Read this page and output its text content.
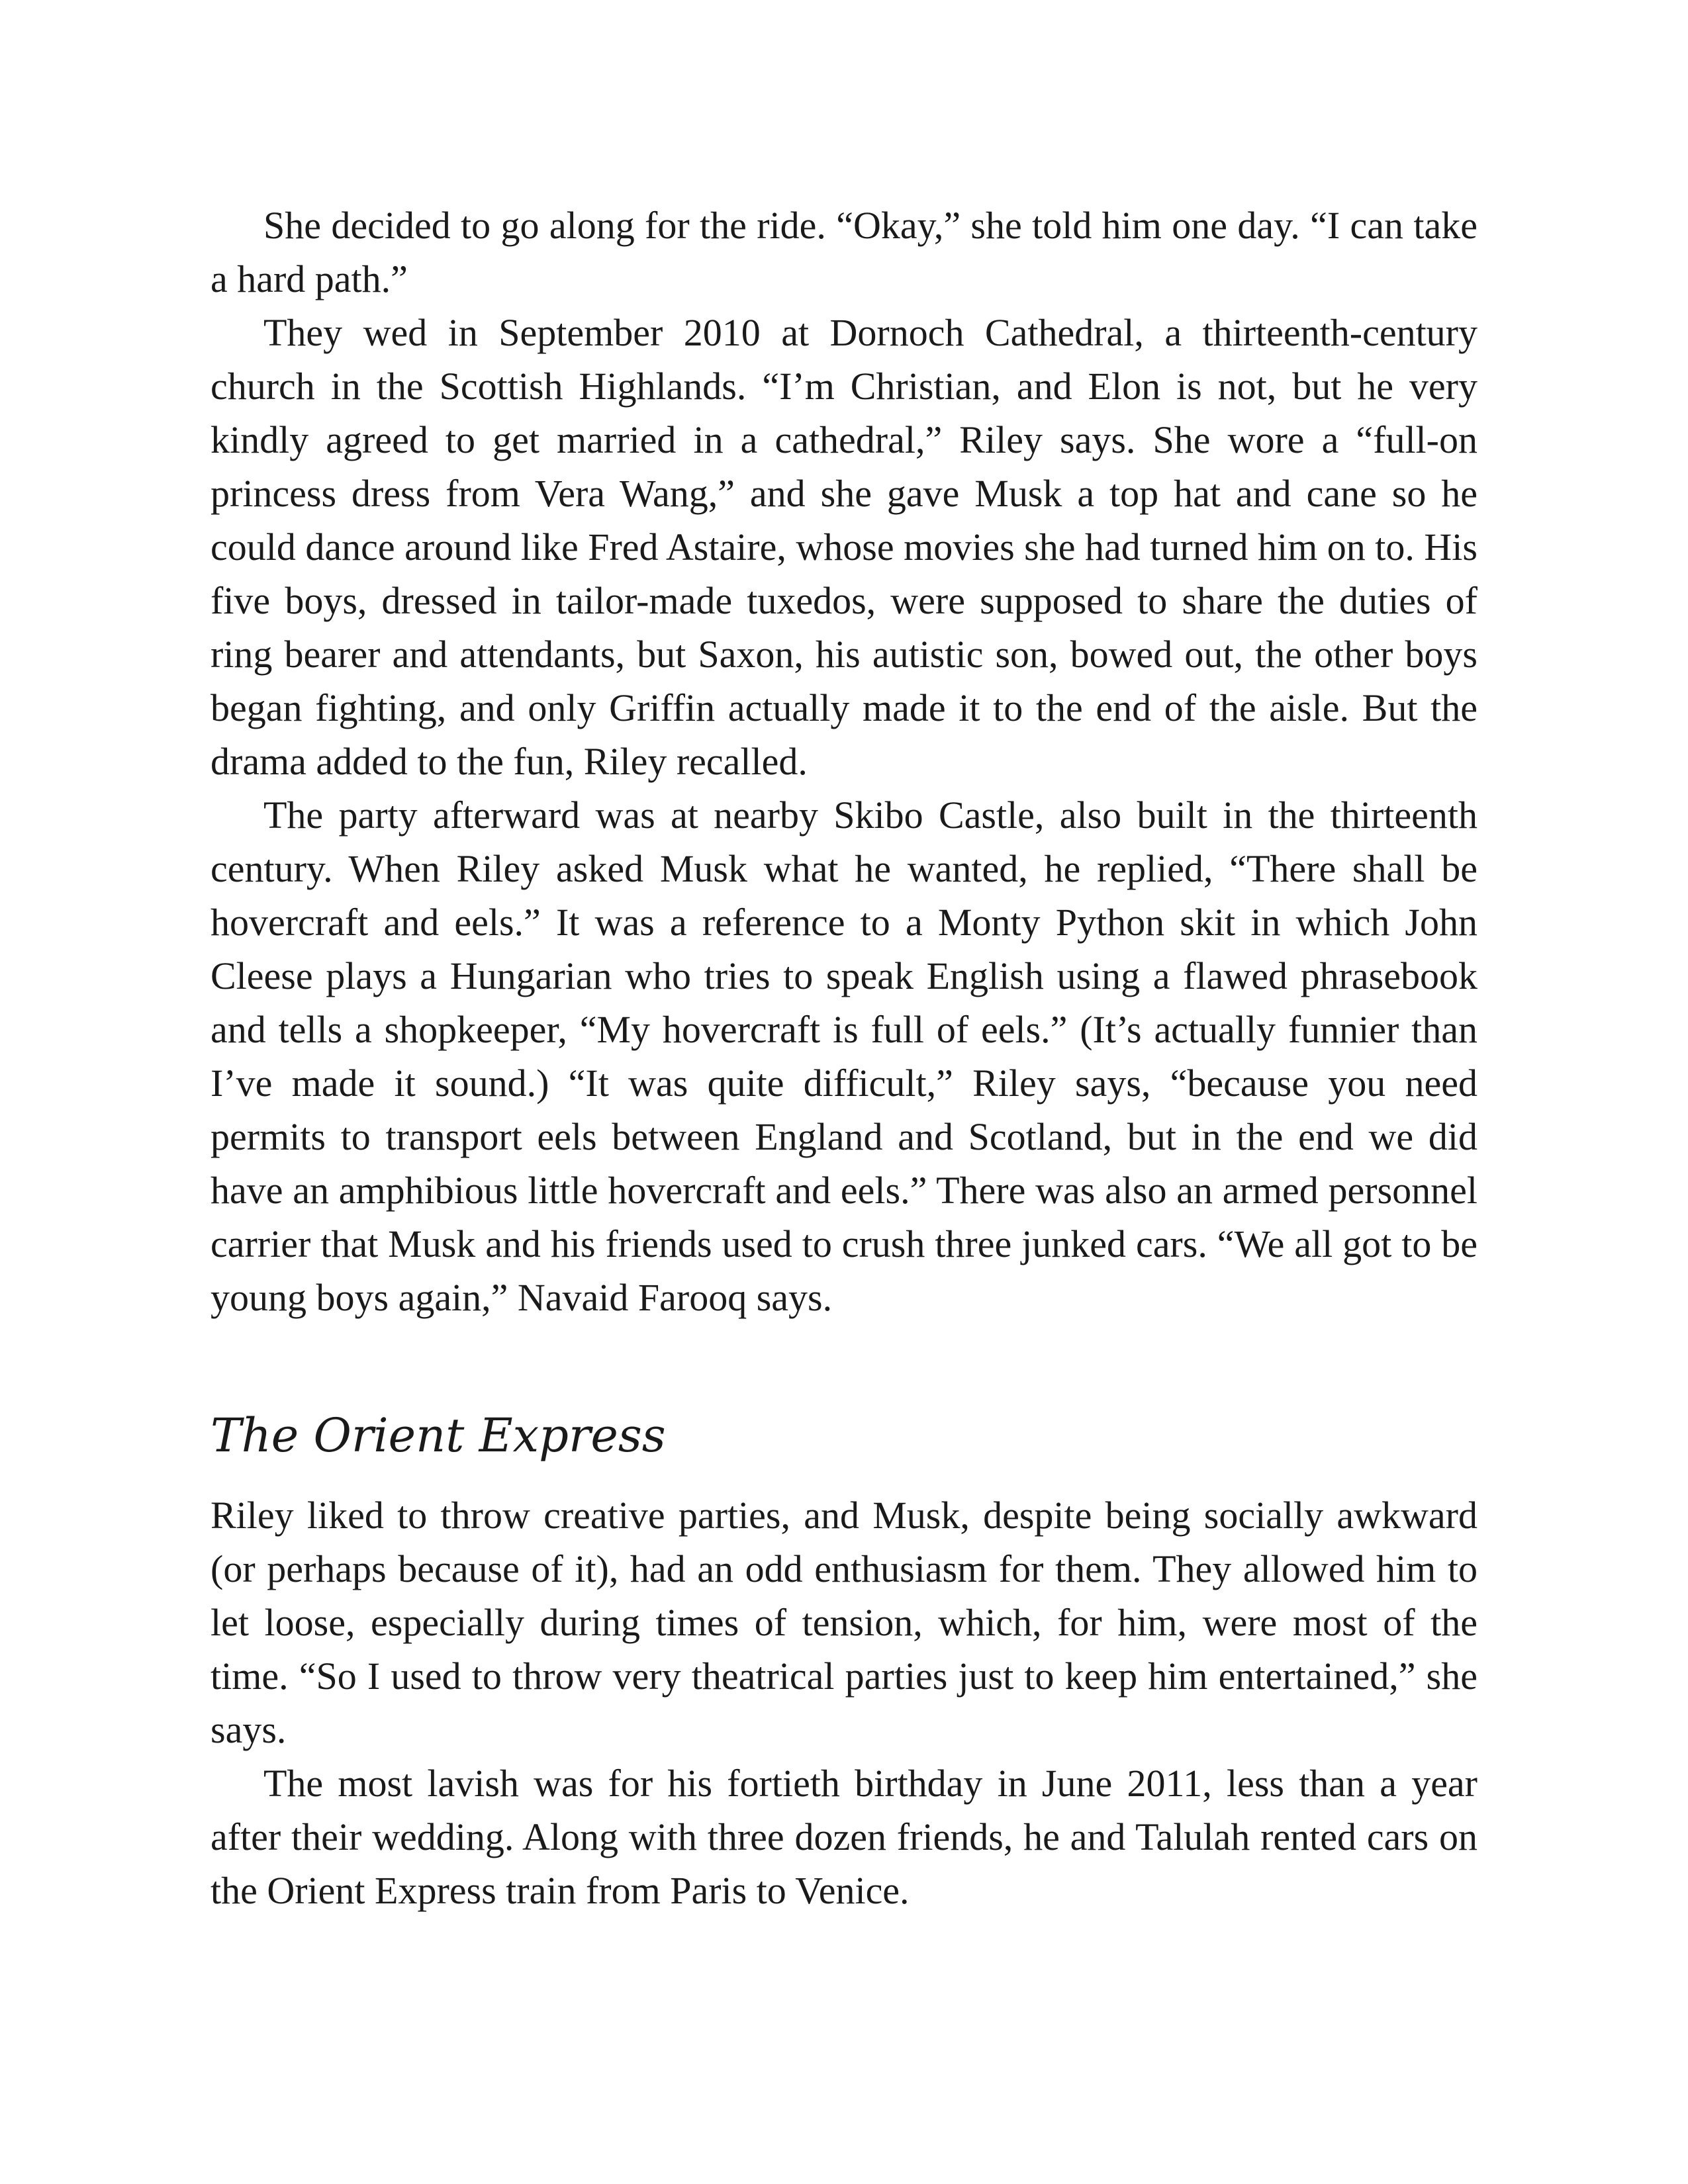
She decided to go along for the ride. “Okay,” she told him one day. “I can take a hard path.”

They wed in September 2010 at Dornoch Cathedral, a thirteenth-century church in the Scottish Highlands. “I’m Christian, and Elon is not, but he very kindly agreed to get married in a cathedral,” Riley says. She wore a “full-on princess dress from Vera Wang,” and she gave Musk a top hat and cane so he could dance around like Fred Astaire, whose movies she had turned him on to. His five boys, dressed in tailor-made tuxedos, were supposed to share the duties of ring bearer and attendants, but Saxon, his autistic son, bowed out, the other boys began fighting, and only Griffin actually made it to the end of the aisle. But the drama added to the fun, Riley recalled.

The party afterward was at nearby Skibo Castle, also built in the thirteenth century. When Riley asked Musk what he wanted, he replied, “There shall be hovercraft and eels.” It was a reference to a Monty Python skit in which John Cleese plays a Hungarian who tries to speak English using a flawed phrasebook and tells a shopkeeper, “My hovercraft is full of eels.” (It’s actually funnier than I’ve made it sound.) “It was quite difficult,” Riley says, “because you need permits to transport eels between England and Scotland, but in the end we did have an amphibious little hovercraft and eels.” There was also an armed personnel carrier that Musk and his friends used to crush three junked cars. “We all got to be young boys again,” Navaid Farooq says.

The Orient Express

Riley liked to throw creative parties, and Musk, despite being socially awkward (or perhaps because of it), had an odd enthusiasm for them. They allowed him to let loose, especially during times of tension, which, for him, were most of the time. “So I used to throw very theatrical parties just to keep him entertained,” she says.

The most lavish was for his fortieth birthday in June 2011, less than a year after their wedding. Along with three dozen friends, he and Talulah rented cars on the Orient Express train from Paris to Venice.
